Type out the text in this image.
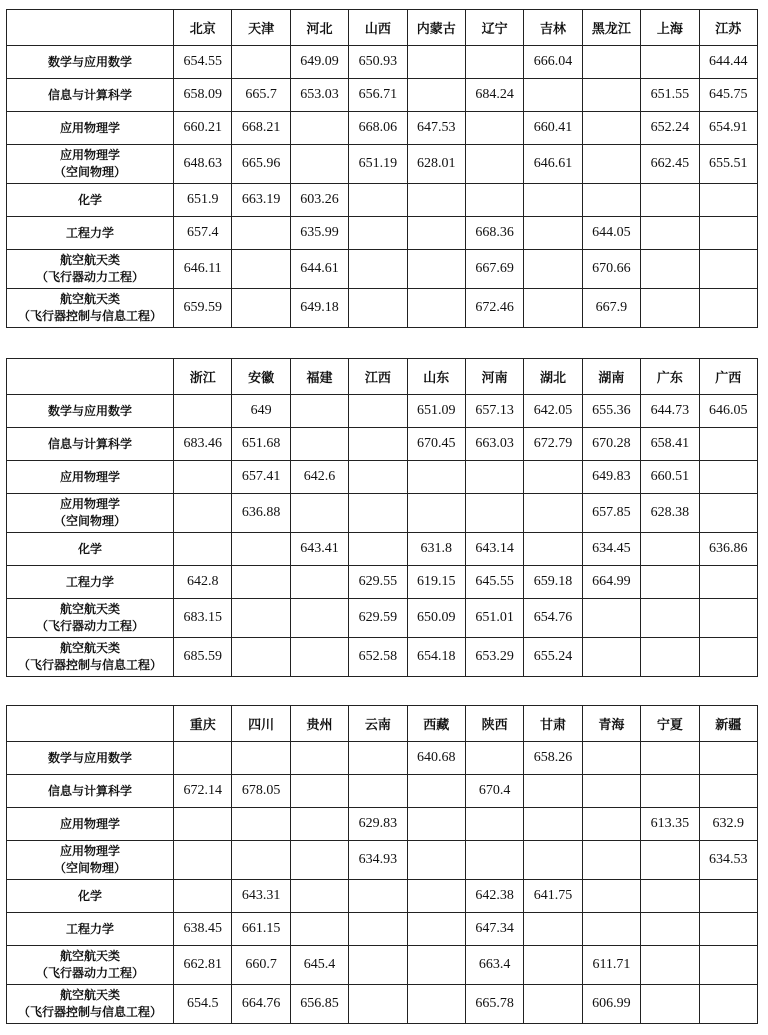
	北京	天津	河北	山西	内蒙古	辽宁	吉林	黑龙江	上海	江苏

数学与应用数学	654.55		649.09	650.93			666.04			644.44

信息与计算科学	658.09	665.7	653.03	656.71		684.24			651.55	645.75

应用物理学	660.21	668.21		668.06	647.53		660.41		652.24	654.91

应用物理学
（空间物理）	648.63	665.96		651.19	628.01		646.61		662.45	655.51

化学	651.9	663.19	603.26							

工程力学	657.4		635.99			668.36		644.05		

航空航天类
（飞行器动力工程）	646.11		644.61			667.69		670.66		

航空航天类
（飞行器控制与信息工程）	659.59		649.18			672.46		667.9		
	浙江	安徽	福建	江西	山东	河南	湖北	湖南	广东	广西

数学与应用数学		649			651.09	657.13	642.05	655.36	644.73	646.05

信息与计算科学	683.46	651.68			670.45	663.03	672.79	670.28	658.41	

应用物理学		657.41	642.6					649.83	660.51	

应用物理学
（空间物理）		636.88						657.85	628.38	

化学			643.41		631.8	643.14		634.45		636.86

工程力学	642.8			629.55	619.15	645.55	659.18	664.99		

航空航天类
（飞行器动力工程）	683.15			629.59	650.09	651.01	654.76			

航空航天类
（飞行器控制与信息工程）	685.59			652.58	654.18	653.29	655.24			
	重庆	四川	贵州	云南	西藏	陕西	甘肃	青海	宁夏	新疆

数学与应用数学					640.68		658.26			

信息与计算科学	672.14	678.05				670.4				

应用物理学				629.83					613.35	632.9

应用物理学
（空间物理）				634.93						634.53

化学		643.31				642.38	641.75			

工程力学	638.45	661.15				647.34				

航空航天类
（飞行器动力工程）	662.81	660.7	645.4			663.4		611.71		

航空航天类
（飞行器控制与信息工程）	654.5	664.76	656.85			665.78		606.99		
